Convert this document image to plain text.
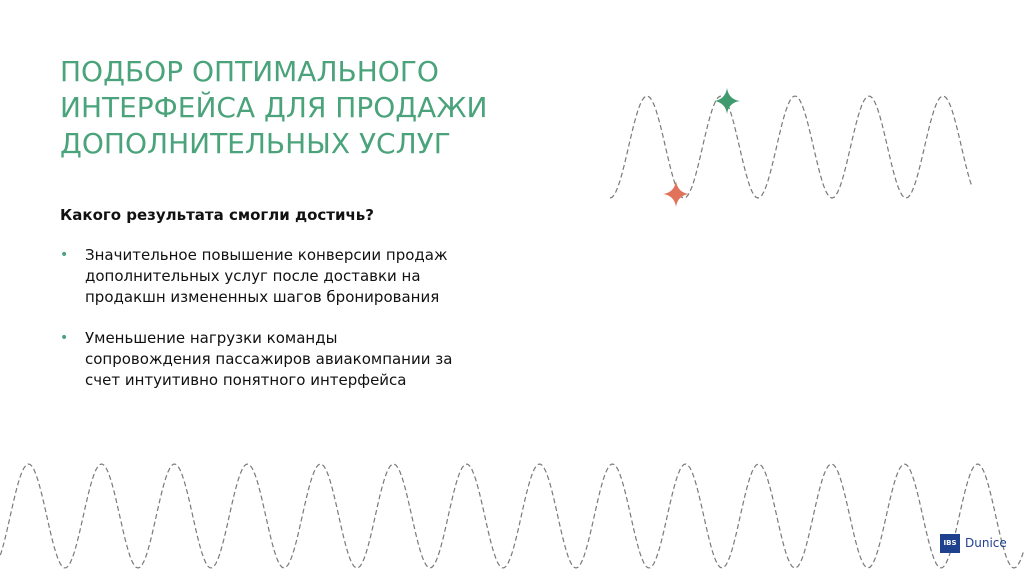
ПОДБОР ОПТИМАЛЬНОГО
ИНТЕРФЕЙСА ДЛЯ ПРОДАЖИ
ДОПОЛНИТЕЛЬНЫХ УСЛУГ

Какого результата смогли достичь?

• Значительное повышение конверсии продаж
дополнительных услуг после доставки на
продакшн измененных шагов бронирования
• Уменьшение нагрузки команды
сопровождения пассажиров авиакомпании за
счет интуитивно понятного интерфейса
IBS Dunice
